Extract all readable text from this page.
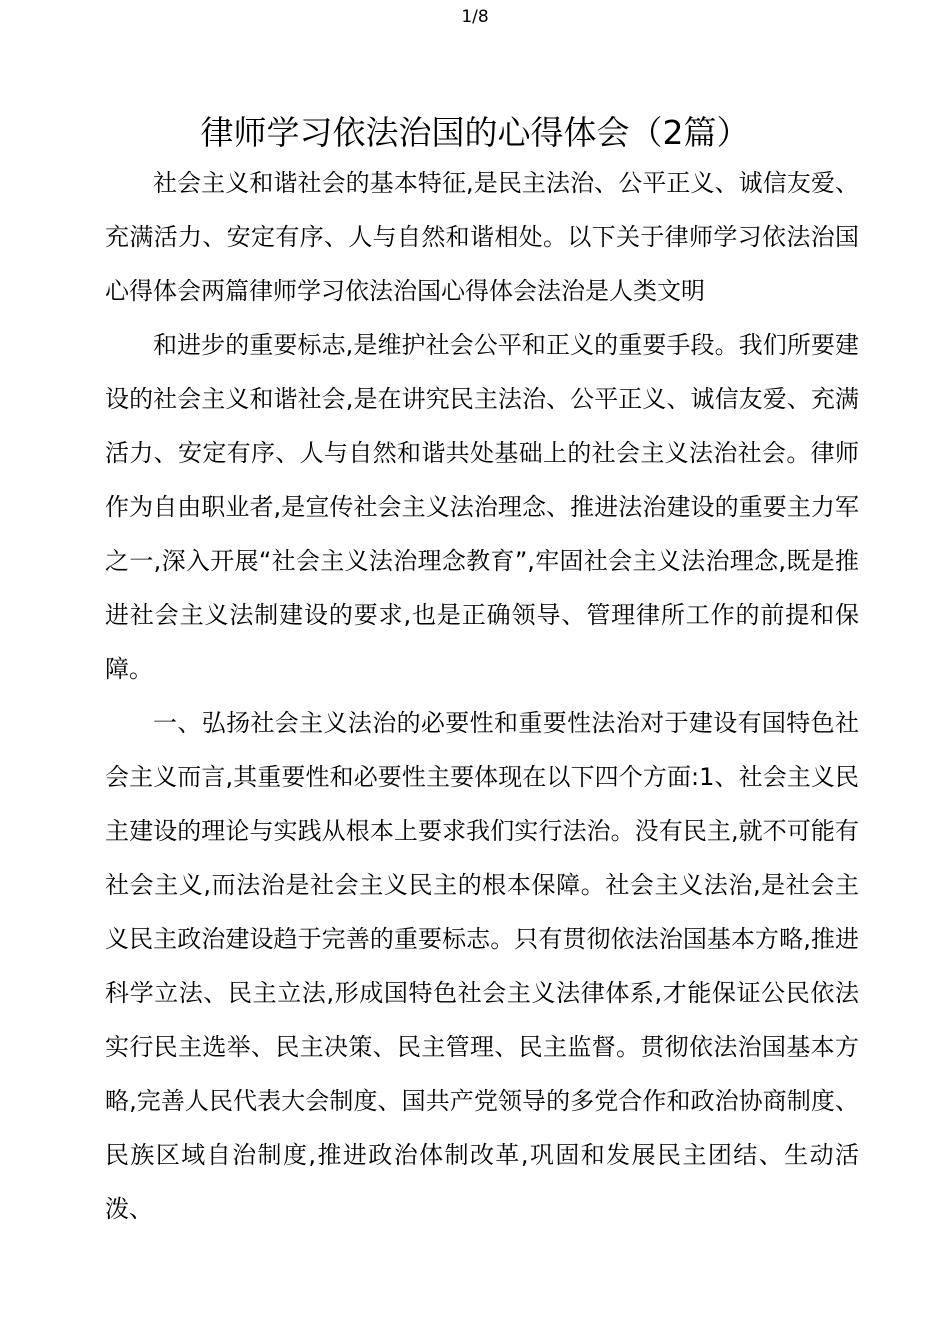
1/8
律师学习依法治国的心得体会（2篇）

社会主义和谐社会的基本特征,是民主法治、公平正义、诚信友爱、充满活力、安定有序、人与自然和谐相处。以下关于律师学习依法治国心得体会两篇律师学习依法治国心得体会法治是人类文明

和进步的重要标志,是维护社会公平和正义的重要手段。我们所要建设的社会主义和谐社会,是在讲究民主法治、公平正义、诚信友爱、充满活力、安定有序、人与自然和谐共处基础上的社会主义法治社会。律师作为自由职业者,是宣传社会主义法治理念、推进法治建设的重要主力军之一,深入开展“社会主义法治理念教育”,牢固社会主义法治理念,既是推进社会主义法制建设的要求,也是正确领导、管理律所工作的前提和保障。

一、弘扬社会主义法治的必要性和重要性法治对于建设有国特色社会主义而言,其重要性和必要性主要体现在以下四个方面:1、社会主义民主建设的理论与实践从根本上要求我们实行法治。没有民主,就不可能有社会主义,而法治是社会主义民主的根本保障。社会主义法治,是社会主义民主政治建设趋于完善的重要标志。只有贯彻依法治国基本方略,推进科学立法、民主立法,形成国特色社会主义法律体系,才能保证公民依法实行民主选举、民主决策、民主管理、民主监督。贯彻依法治国基本方略,完善人民代表大会制度、国共产党领导的多党合作和政治协商制度、民族区域自治制度,推进政治体制改革,巩固和发展民主团结、生动活泼、
